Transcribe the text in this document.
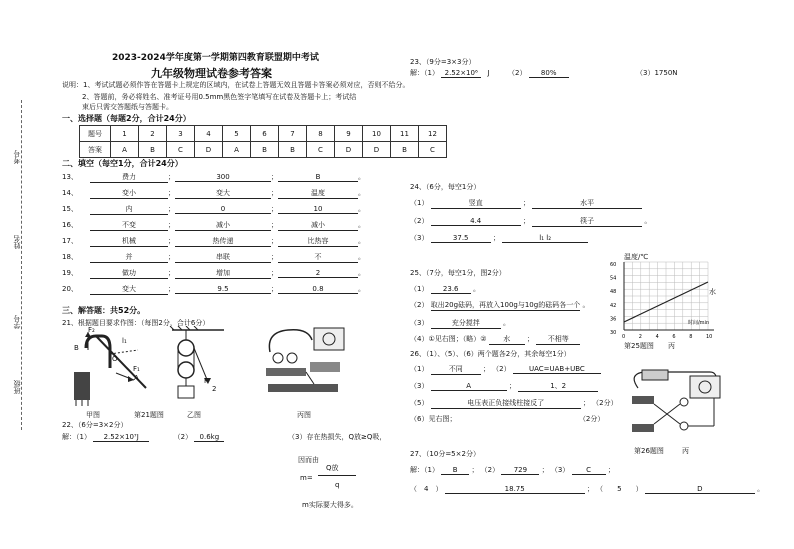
考号
姓名
学号
班级
2023-2024学年度第一学期第四教育联盟期中考试
九年级物理试卷参考答案
说明：1、考试试题必须作答在答题卡上规定的区域内，在试卷上答题无效且答题卡答案必须对应，否则不给分。
2、答题前，务必将姓名、准考证号用0.5mm黑色签字笔填写在试卷及答题卡上；考试结
束后只需交答题纸与答题卡。
一、选择题（每题2分，合计24分）
题号	1	2	3	4	5	6	7	8	9	10	11	12
答案	A	B	C	D	A	B	B	C	D	D	B	C
二、填空（每空1分，合计24分）
13、	费力	；	300	；	B	。
14、	变小	；	变大	；	温度	。
15、	内	；	0	；	10	。
16、	不变	；	减小	；	减小	。
17、	机械	；	热传递	；	比热容	。
18、	并	；	串联	；	不	。
19、	做功	；	增加	；	2	。
20、	变大	；	9.5	；	0.8	。
三、解答题：共52分。
21、根据题目要求作图：（每图2分，合计6分）
F₂
B
O
l₁
F₁
A
甲图	第21题图
F
2
乙图	丙图
22、（6分=3×2分）
解：（1） 2.52×10⁷J	（2） 0.6kg	（3）存在热损失，Q放≥Q吸，
因而由
Q放
m=
q
m实际要大得多。
23、（9分=3×3分）
解：（1） 2.52×10⁶ J	（2） 80%	（3）1750N
24、（6分，每空1分）
（1）	竖直	；	水平
（2）	4.4	；	筷子	。
（3）	37.5	；	l₁ l₂
25、（7分，每空1分，图2分）
（1） 23.6 。
（2） 取出20g砝码，再放入100g与10g的砝码各一个 。
（3）	充分搅拌	。
（4）①见右图；（略）② 水 ； 不相等
温度/℃
60
54
48
42
36
30
0	2	4	6	8	10
水
时间/min
第25题图 丙
26、（1）、（5）、（6）两个题各2分，其余每空1分）
（1）	不同	； （2）	UAC=UAB+UBC
（3）	A	；	1、2
（5）	电压表正负接线柱接反了	； （2分）
（6）见右图；	（2分）
第26题图	丙
27、（10分=5×2分）
解：（1） B ； （2） 729 ； （3） C ；
（　4　）	18.75	； （　　5　　）	D	。
